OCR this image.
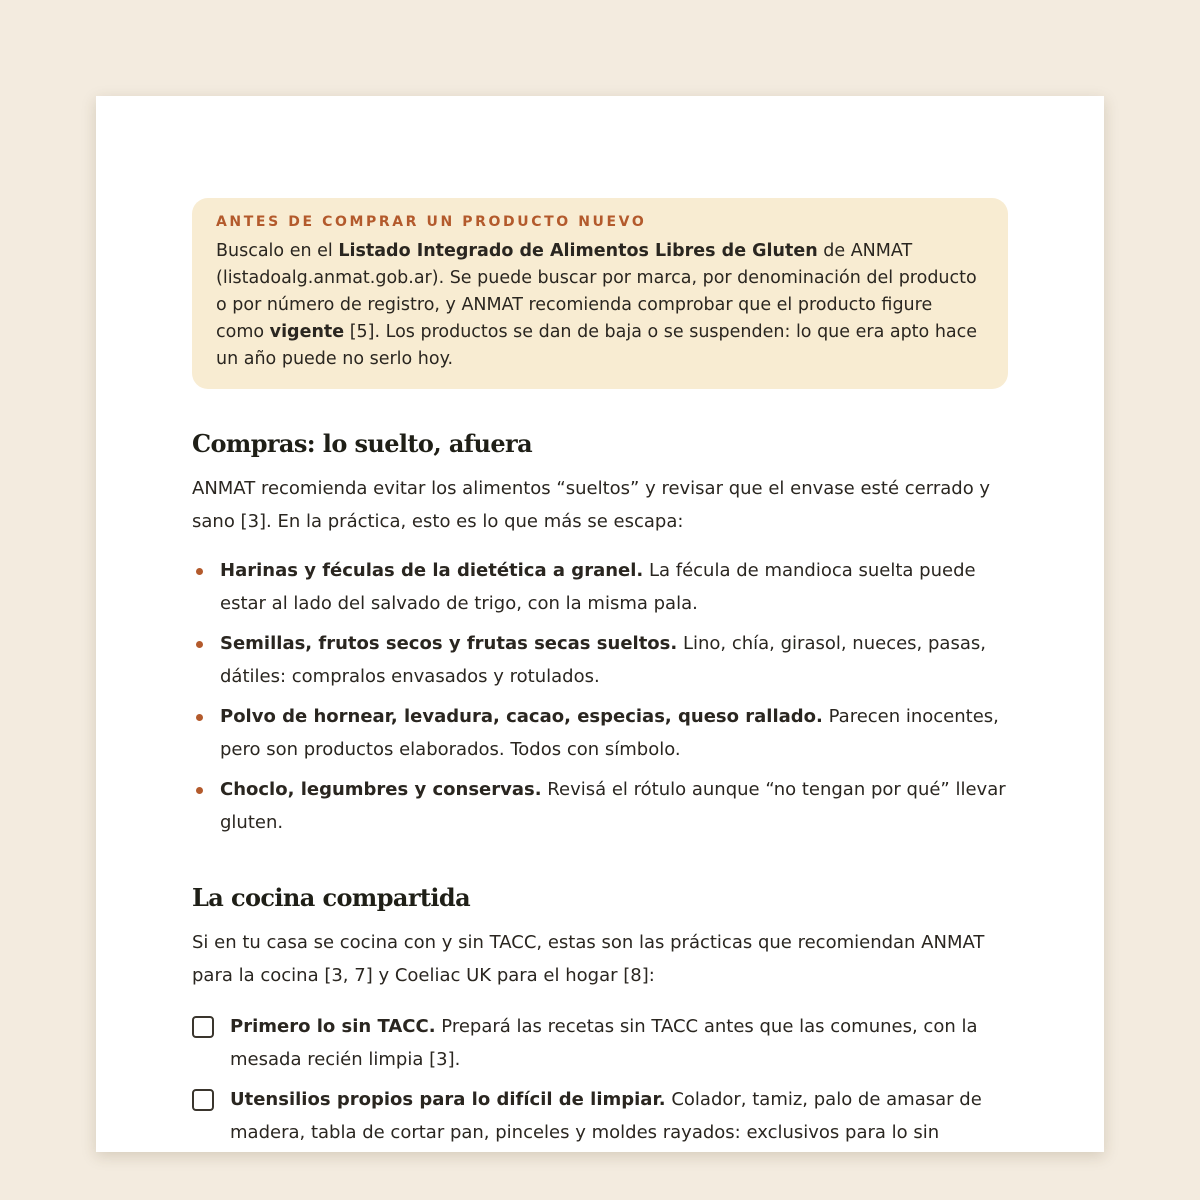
ANTES DE COMPRAR UN PRODUCTO NUEVO
Buscalo en el Listado Integrado de Alimentos Libres de Gluten de ANMAT (listadoalg.anmat.gob.ar). Se puede buscar por marca, por denominación del producto o por número de registro, y ANMAT recomienda comprobar que el producto figure como vigente [5]. Los productos se dan de baja o se suspenden: lo que era apto hace un año puede no serlo hoy.
Compras: lo suelto, afuera
ANMAT recomienda evitar los alimentos “sueltos” y revisar que el envase esté cerrado y sano [3]. En la práctica, esto es lo que más se escapa:
Harinas y féculas de la dietética a granel. La fécula de mandioca suelta puede estar al lado del salvado de trigo, con la misma pala.
Semillas, frutos secos y frutas secas sueltos. Lino, chía, girasol, nueces, pasas, dátiles: compralos envasados y rotulados.
Polvo de hornear, levadura, cacao, especias, queso rallado. Parecen inocentes, pero son productos elaborados. Todos con símbolo.
Choclo, legumbres y conservas. Revisá el rótulo aunque “no tengan por qué” llevar gluten.
La cocina compartida
Si en tu casa se cocina con y sin TACC, estas son las prácticas que recomiendan ANMAT para la cocina [3, 7] y Coeliac UK para el hogar [8]:
Primero lo sin TACC. Prepará las recetas sin TACC antes que las comunes, con la mesada recién limpia [3].
Utensilios propios para lo difícil de limpiar. Colador, tamiz, palo de amasar de madera, tabla de cortar pan, pinceles y moldes rayados: exclusivos para lo sin
